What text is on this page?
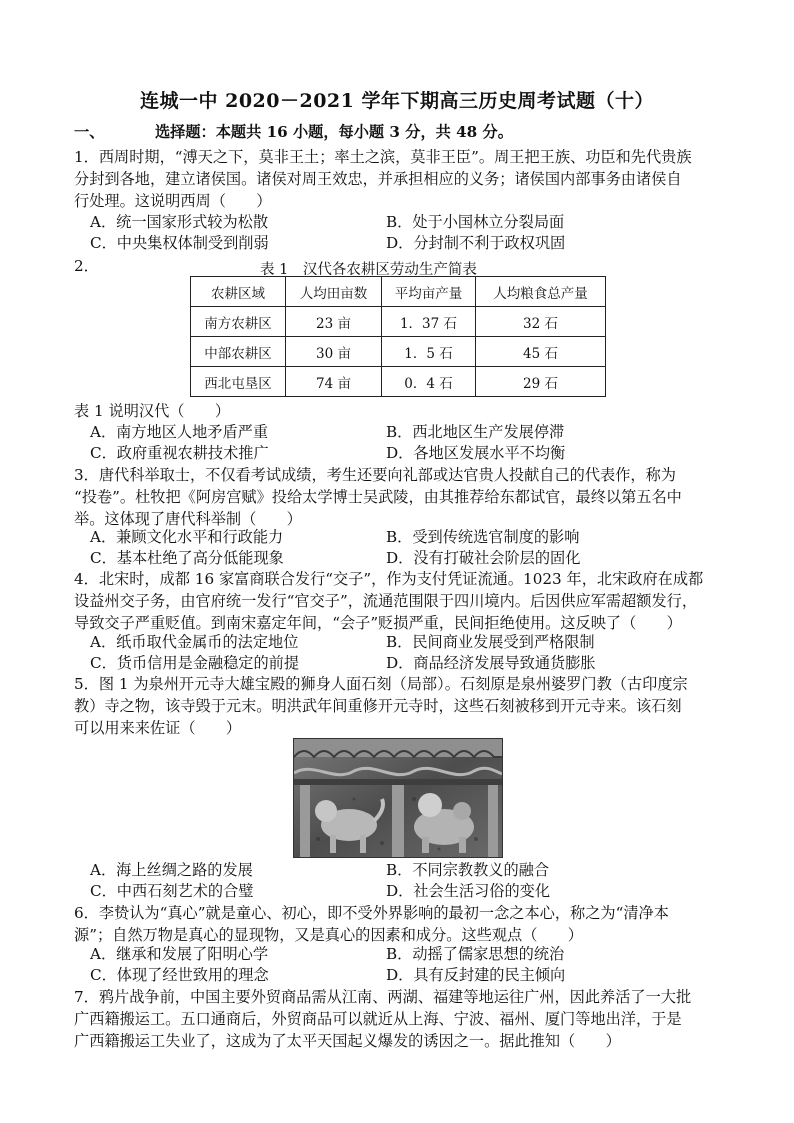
连城一中 2020－2021 学年下期高三历史周考试题（十）
一、	选择题：本题共 16 小题，每小题 3 分，共 48 分。
1．西周时期，“溥天之下，莫非王土；率土之滨，莫非王臣”。周王把王族、功臣和先代贵族
分封到各地，建立诸侯国。诸侯对周王效忠，并承担相应的义务；诸侯国内部事务由诸侯自
行处理。这说明西周（　　）
A．统一国家形式较为松散	B．处于小国林立分裂局面
C．中央集权体制受到削弱	D．分封制不利于政权巩固
2．	表 1　汉代各农耕区劳动生产简表
农耕区域	人均田亩数	平均亩产量	人均粮食总产量
南方农耕区	23 亩	1．37 石	32 石
中部农耕区	30 亩	1．5 石	45 石
西北屯垦区	74 亩	0．4 石	29 石
表 1 说明汉代（　　）
A．南方地区人地矛盾严重	B．西北地区生产发展停滞
C．政府重视农耕技术推广	D．各地区发展水平不均衡
3．唐代科举取士，不仅看考试成绩，考生还要向礼部或达官贵人投献自己的代表作，称为
“投卷”。杜牧把《阿房宫赋》投给太学博士吴武陵，由其推荐给东都试官，最终以第五名中
举。这体现了唐代科举制（　　）
A．兼顾文化水平和行政能力	B．受到传统选官制度的影响
C．基本杜绝了高分低能现象	D．没有打破社会阶层的固化
4．北宋时，成都 16 家富商联合发行“交子”，作为支付凭证流通。1023 年，北宋政府在成都
设益州交子务，由官府统一发行“官交子”，流通范围限于四川境内。后因供应军需超额发行，
导致交子严重贬值。到南宋嘉定年间，“会子”贬损严重，民间拒绝使用。这反映了（　　）
A．纸币取代金属币的法定地位	B．民间商业发展受到严格限制
C．货币信用是金融稳定的前提	D．商品经济发展导致通货膨胀
5．图 1 为泉州开元寺大雄宝殿的狮身人面石刻（局部）。石刻原是泉州婆罗门教（古印度宗
教）寺之物，该寺毁于元末。明洪武年间重修开元寺时，这些石刻被移到开元寺来。该石刻
可以用来来佐证（　　）
A．海上丝绸之路的发展	B．不同宗教教义的融合
C．中西石刻艺术的合璧	D．社会生活习俗的变化
6．李贽认为“真心”就是童心、初心，即不受外界影响的最初一念之本心，称之为“清净本
源”；自然万物是真心的显现物，又是真心的因素和成分。这些观点（　　）
A．继承和发展了阳明心学	B．动摇了儒家思想的统治
C．体现了经世致用的理念	D．具有反封建的民主倾向
7．鸦片战争前，中国主要外贸商品需从江南、两湖、福建等地运往广州，因此养活了一大批
广西籍搬运工。五口通商后，外贸商品可以就近从上海、宁波、福州、厦门等地出洋，于是
广西籍搬运工失业了，这成为了太平天国起义爆发的诱因之一。据此推知（　　）
